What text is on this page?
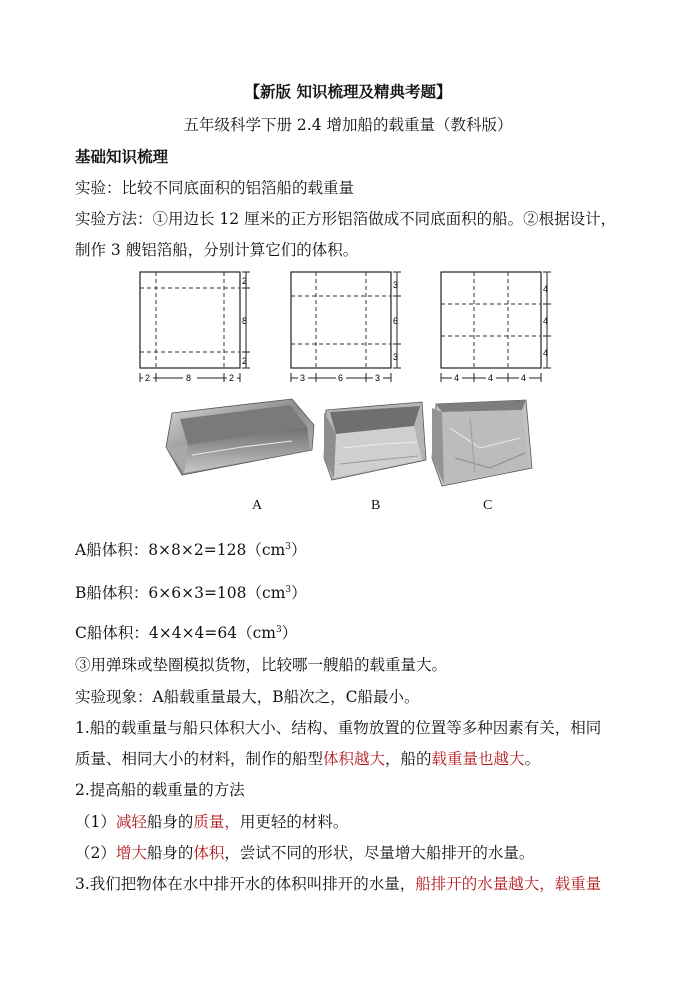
【新版 知识梳理及精典考题】
五年级科学下册 2.4 增加船的载重量（教科版）
基础知识梳理
实验：比较不同底面积的铝箔船的载重量
实验方法：①用边长 12 厘米的正方形铝箔做成不同底面积的船。②根据设计，
制作 3 艘铝箔船，分别计算它们的体积。
2
8
2
2	8	2
3
6
3
3	6	3
4
4
4
4	4	4
A	B	C
A船体积：$8\times 8\times 2=128(cm^3)$
B船体积：$6\times 6\times 3=108(cm^3)$
C船体积：$4\times 4\times 4=64(cm^3)$
③用弹珠或垫圈模拟货物，比较哪一艘船的载重量大。
实验现象：A船载重量最大，B船次之，C船最小。
1.船的载重量与船只体积大小、结构、重物放置的位置等多种因素有关，相同
质量、相同大小的材料，制作的船型体积越大，船的载重量也越大。
2.提高船的载重量的方法
（1）减轻船身的质量，用更轻的材料。
（2）增大船身的体积，尝试不同的形状，尽量增大船排开的水量。
3.我们把物体在水中排开水的体积叫排开的水量，船排开的水量越大，载重量
